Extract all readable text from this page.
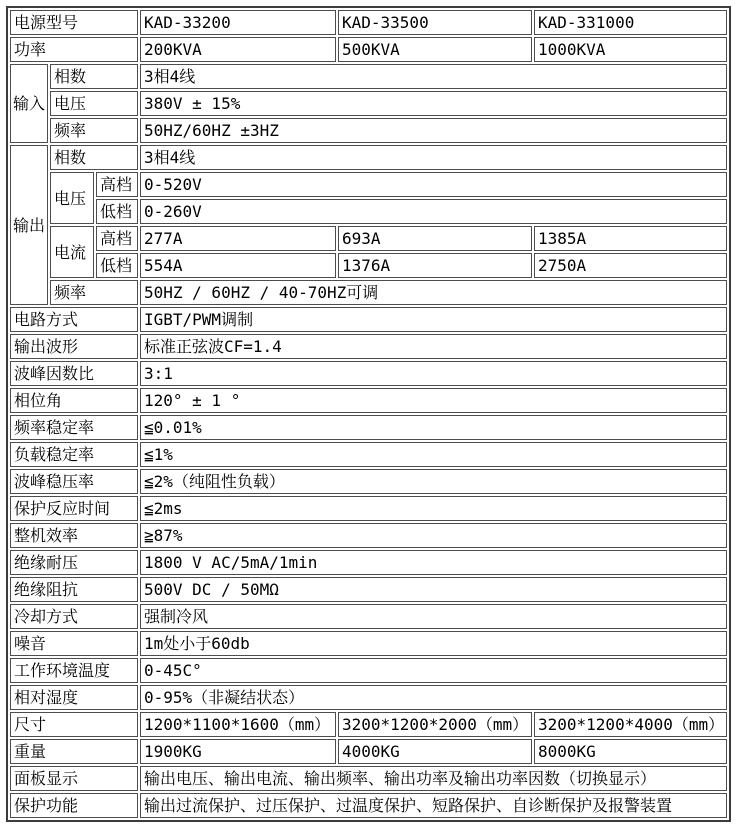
电源型号			KAD-33200	KAD-33500	KAD-331000
功率			200KVA	500KVA	1000KVA
输入	相数		3相4线		
	电压		380V ± 15%		
	频率		50HZ/60HZ ±3HZ		
输出	相数		3相4线		
	电压	高档	0-520V		
		低档	0-260V		
	电流	高档	277A	693A	1385A
		低档	554A	1376A	2750A
	频率		50HZ / 60HZ / 40-70HZ可调		
电路方式			IGBT/PWM调制		
输出波形			标准正弦波CF=1.4		
波峰因数比			3:1		
相位角			120° ± 1 °		
频率稳定率			≦0.01%		
负载稳定率			≦1%		
波峰稳压率			≦2%（纯阻性负载）		
保护反应时间			≦2ms		
整机效率			≧87%		
绝缘耐压			1800 V AC/5mA/1min		
绝缘阻抗			500V DC / 50MΩ		
冷却方式			强制冷风		
噪音			1m处小于60db		
工作环境温度			0-45C°		
相对湿度			0-95%（非凝结状态）		
尺寸			1200*1100*1600（mm）	3200*1200*2000（mm）	3200*1200*4000（mm）
重量			1900KG	4000KG	8000KG
面板显示			输出电压、输出电流、输出频率、输出功率及输出功率因数（切换显示）		
保护功能			输出过流保护、过压保护、过温度保护、短路保护、自诊断保护及报警装置		
